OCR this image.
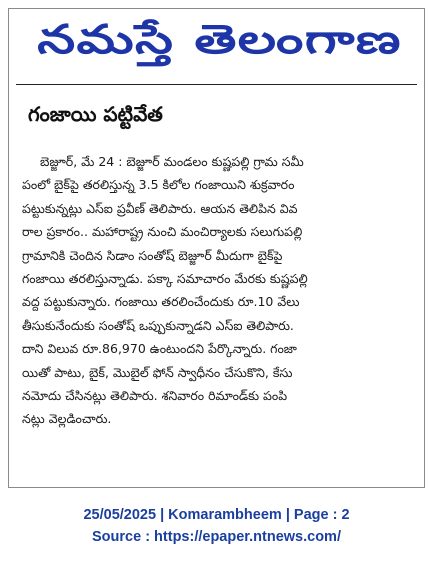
నమస్తే తెలంగాణ
గంజాయి పట్టివేత
బెజ్జూర్, మే 24 : బెజ్జూర్ మండలం కుష్ణపల్లి గ్రామ సమీ
పంలో బైక్‌పై తరలిస్తున్న 3.5 కిలోల గంజాయిని శుక్రవారం
పట్టుకున్నట్లు ఎస్ఐ ప్రవీణ్ తెలిపారు. ఆయన తెలిపిన వివ
రాల ప్రకారం.. మహారాష్ట్ర నుంచి మంచిర్యాలకు సలుగుపల్లి
గ్రామానికి చెందిన సిడాం సంతోష్ బెజ్జూర్ మీదుగా బైక్‌పై
గంజాయి తరలిస్తున్నాడు. పక్కా సమాచారం మేరకు కుష్ణపల్లి
వద్ద పట్టుకున్నారు. గంజాయి తరలించేందుకు రూ.10 వేలు
తీసుకునేందుకు సంతోష్ ఒప్పుకున్నాడని ఎస్ఐ తెలిపారు.
దాని విలువ రూ.86,970 ఉంటుందని పేర్కొన్నారు. గంజా
యితో పాటు, బైక్, మొబైల్ ఫోన్ స్వాధీనం చేసుకొని, కేసు
నమోదు చేసినట్లు తెలిపారు. శనివారం రిమాండ్‌కు పంపి
నట్లు వెల్లడించారు.
25/05/2025 | Komarambheem | Page : 2
Source : https://epaper.ntnews.com/
